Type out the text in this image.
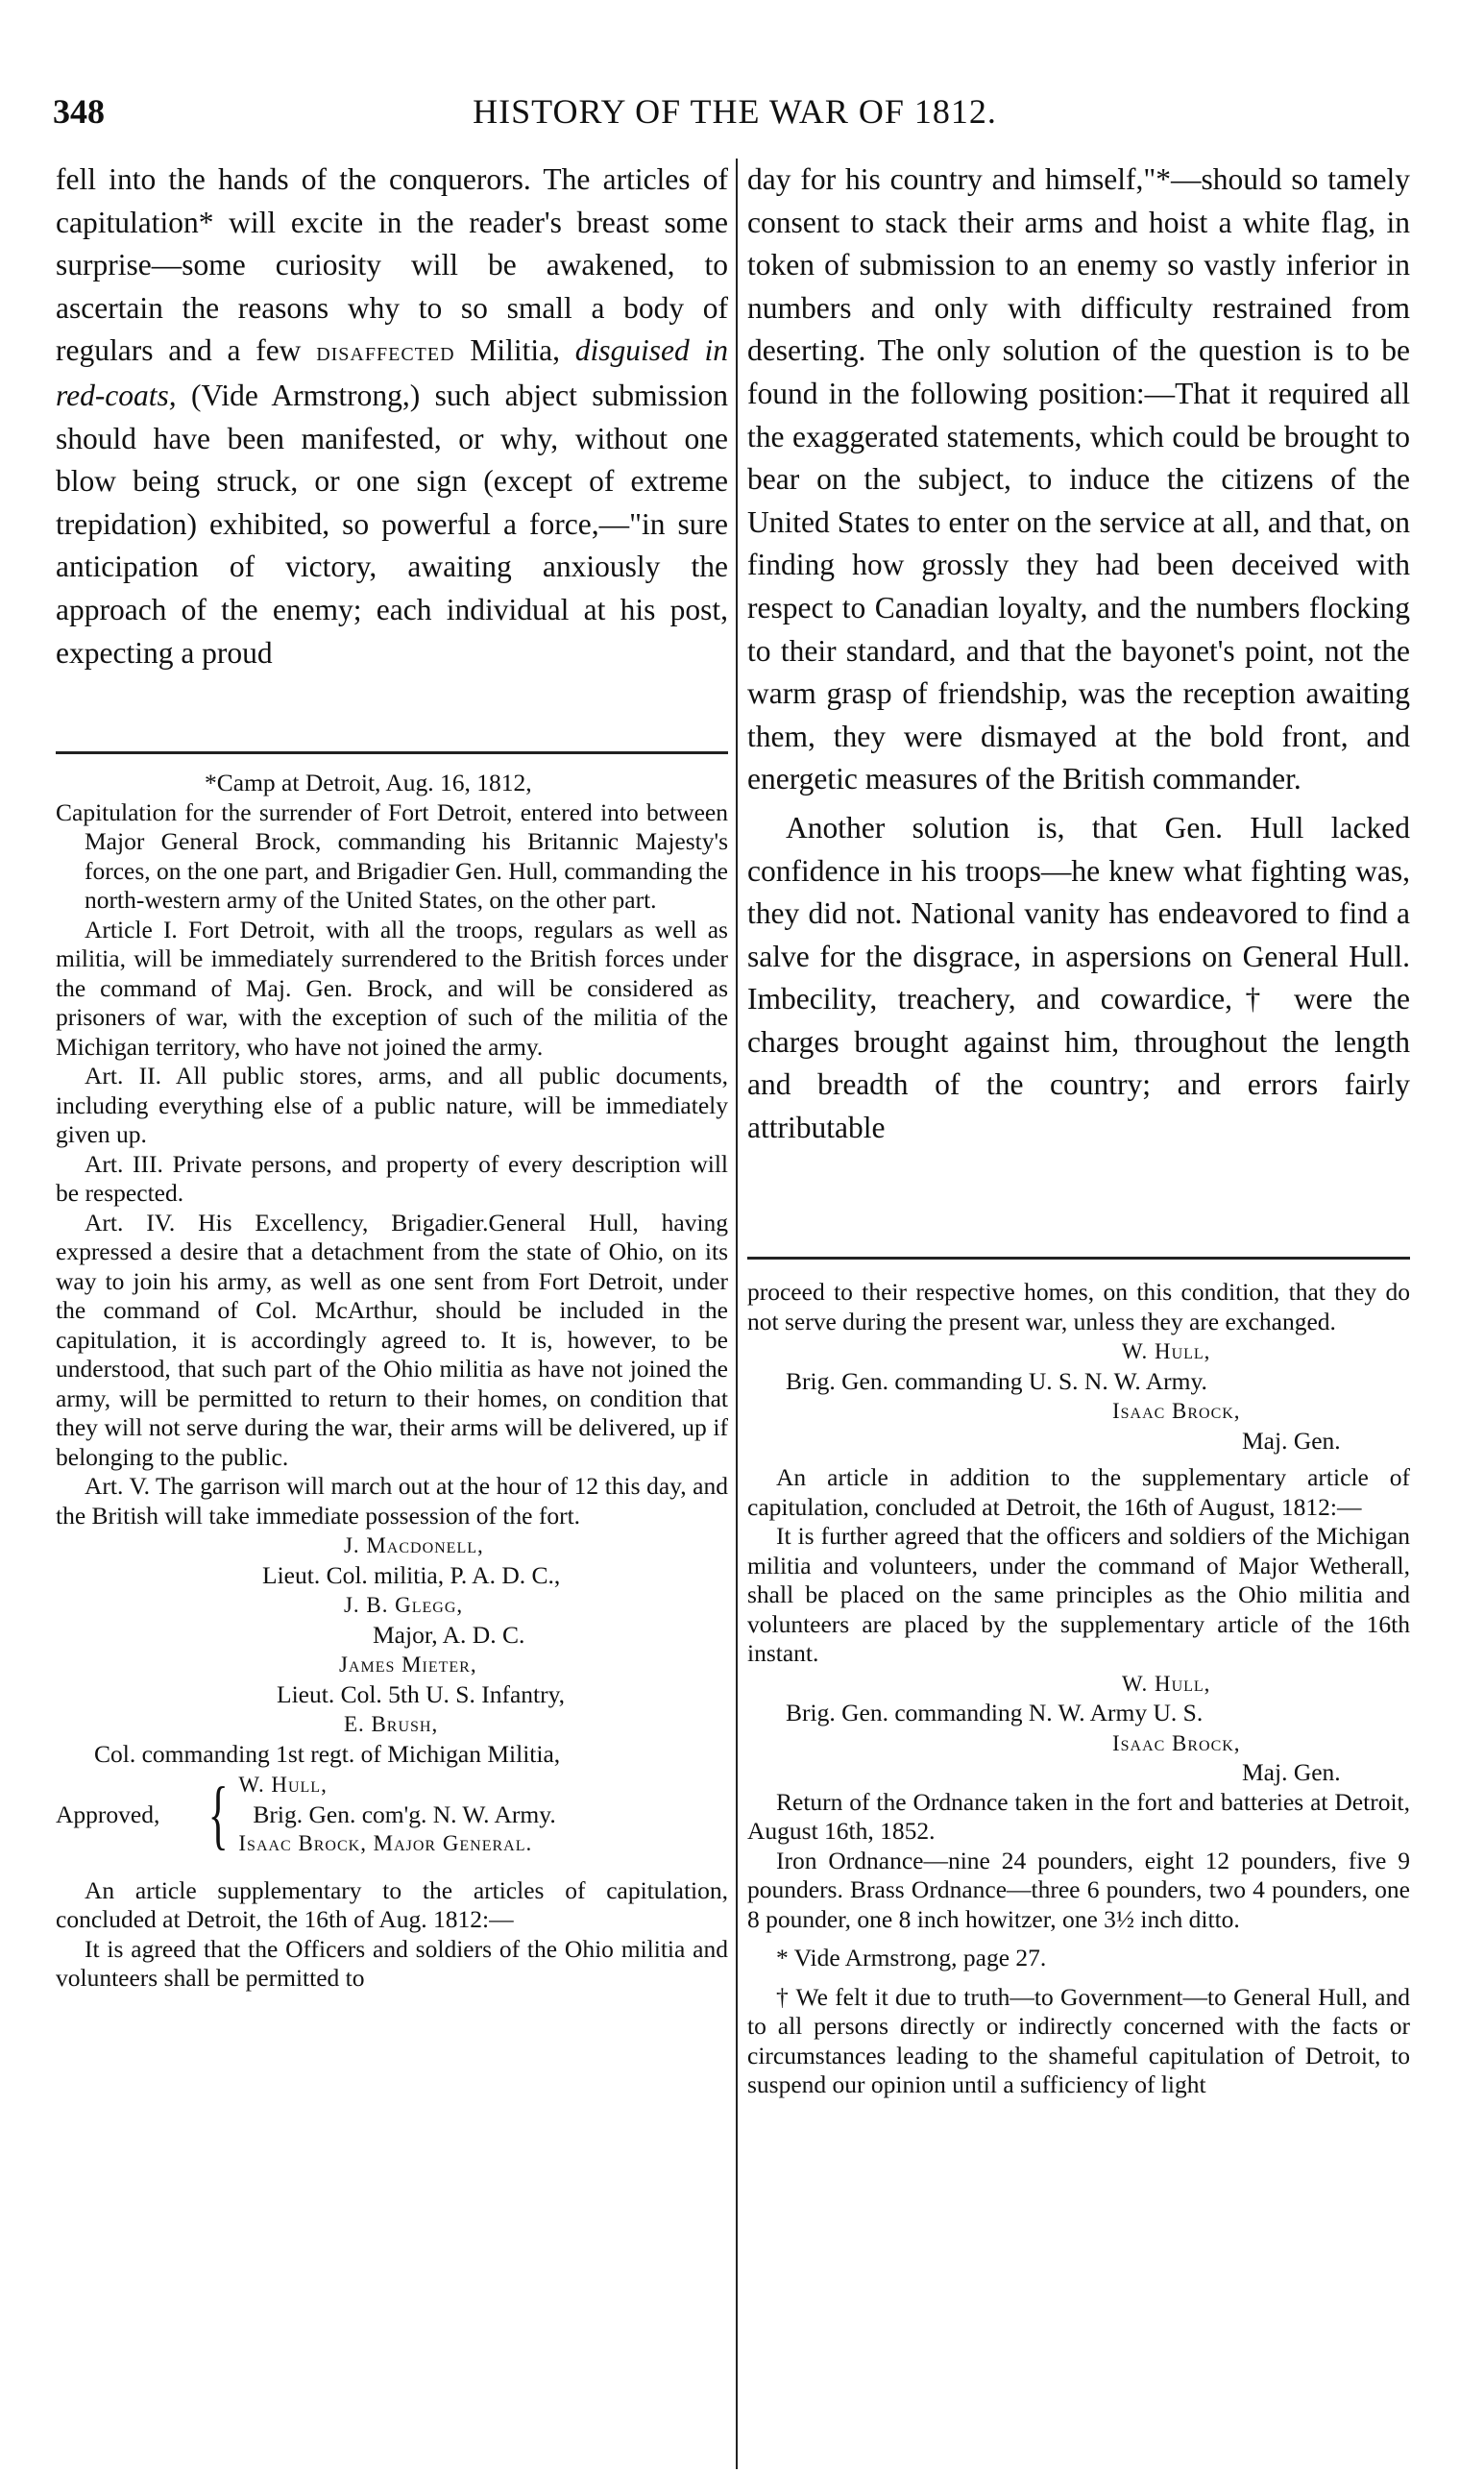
348	HISTORY OF THE WAR OF 1812.

fell into the hands of the conquerors. The articles of capitulation* will excite in the reader's breast some surprise—some curiosity will be awakened, to ascertain the reasons why to so small a body of regulars and a few disaffected Militia, disguised in red-coats, (Vide Armstrong,) such abject submission should have been manifested, or why, without one blow being struck, or one sign (except of extreme trepidation) exhibited, so powerful a force,—"in sure anticipation of victory, awaiting anxiously the approach of the enemy; each individual at his post, expecting a proud

*Camp at Detroit, Aug. 16, 1812,

Capitulation for the surrender of Fort Detroit, entered into between Major General Brock, commanding his Britannic Majesty's forces, on the one part, and Brigadier Gen. Hull, commanding the north-western army of the United States, on the other part.

Article I. Fort Detroit, with all the troops, regulars as well as militia, will be immediately surrendered to the British forces under the command of Maj. Gen. Brock, and will be considered as prisoners of war, with the exception of such of the militia of the Michigan territory, who have not joined the army.

Art. II. All public stores, arms, and all public documents, including everything else of a public nature, will be immediately given up.

Art. III. Private persons, and property of every description will be respected.

Art. IV. His Excellency, Brigadier.General Hull, having expressed a desire that a detachment from the state of Ohio, on its way to join his army, as well as one sent from Fort Detroit, under the command of Col. McArthur, should be included in the capitulation, it is accordingly agreed to. It is, however, to be understood, that such part of the Ohio militia as have not joined the army, will be permitted to return to their homes, on condition that they will not serve during the war, their arms will be delivered, up if belonging to the public.

Art. V. The garrison will march out at the hour of 12 this day, and the British will take immediate possession of the fort.

J. Macdonell,

Lieut. Col. militia, P. A. D. C.,

J. B. Glegg,

Major, A. D. C.

James Mieter,

Lieut. Col. 5th U. S. Infantry,

E. Brush,

Col. commanding 1st regt. of Michigan Militia,

Approved, { W. Hull,
Brig. Gen. com'g. N. W. Army.
Isaac Brock, Major General.

An article supplementary to the articles of capitulation, concluded at Detroit, the 16th of Aug. 1812:—

It is agreed that the Officers and soldiers of the Ohio militia and volunteers shall be permitted to

day for his country and himself,"*—should so tamely consent to stack their arms and hoist a white flag, in token of submission to an enemy so vastly inferior in numbers and only with difficulty restrained from deserting. The only solution of the question is to be found in the following position:—That it required all the exaggerated statements, which could be brought to bear on the subject, to induce the citizens of the United States to enter on the service at all, and that, on finding how grossly they had been deceived with respect to Canadian loyalty, and the numbers flocking to their standard, and that the bayonet's point, not the warm grasp of friendship, was the reception awaiting them, they were dismayed at the bold front, and energetic measures of the British commander.

Another solution is, that Gen. Hull lacked confidence in his troops—he knew what fighting was, they did not. National vanity has endeavored to find a salve for the disgrace, in aspersions on General Hull. Imbecility, treachery, and cowardice,† were the charges brought against him, throughout the length and breadth of the country; and errors fairly attributable

proceed to their respective homes, on this condition, that they do not serve during the present war, unless they are exchanged.

W. Hull,

Brig. Gen. commanding U. S. N. W. Army.

Isaac Brock,

Maj. Gen.

An article in addition to the supplementary article of capitulation, concluded at Detroit, the 16th of August, 1812:—

It is further agreed that the officers and soldiers of the Michigan militia and volunteers, under the command of Major Wetherall, shall be placed on the same principles as the Ohio militia and volunteers are placed by the supplementary article of the 16th instant.

W. Hull,

Brig. Gen. commanding N. W. Army U. S.

Isaac Brock,

Maj. Gen.

Return of the Ordnance taken in the fort and batteries at Detroit, August 16th, 1852.

Iron Ordnance—nine 24 pounders, eight 12 pounders, five 9 pounders. Brass Ordnance—three 6 pounders, two 4 pounders, one 8 pounder, one 8 inch howitzer, one 3½ inch ditto.

* Vide Armstrong, page 27.

† We felt it due to truth—to Government—to General Hull, and to all persons directly or indirectly concerned with the facts or circumstances leading to the shameful capitulation of Detroit, to suspend our opinion until a sufficiency of light
